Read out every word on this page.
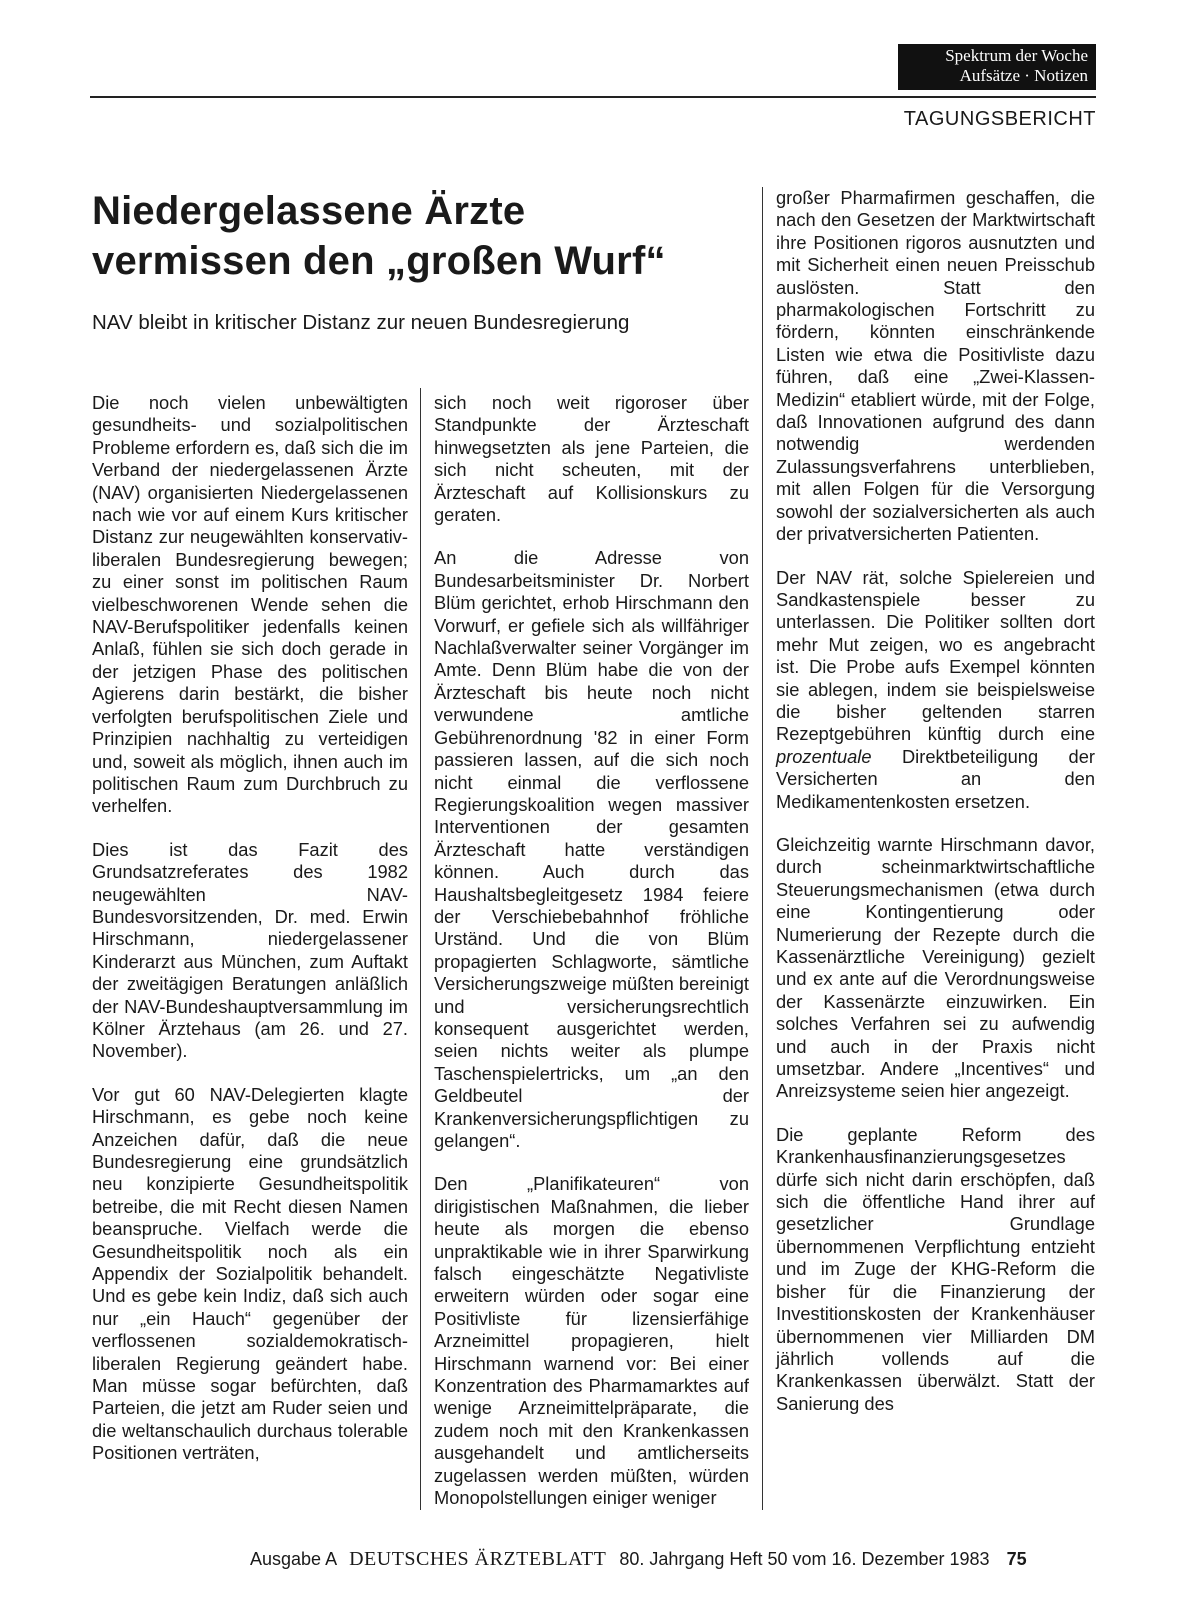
Spektrum der Woche
Aufsätze · Notizen
TAGUNGSBERICHT
Niedergelassene Ärzte
vermissen den „großen Wurf“
NAV bleibt in kritischer Distanz zur neuen Bundesregierung

Die noch vielen unbewältigten gesundheits- und sozialpolitischen Probleme erfordern es, daß sich die im Verband der niedergelassenen Ärzte (NAV) organisierten Niedergelassenen nach wie vor auf einem Kurs kritischer Distanz zur neugewählten konservativ-liberalen Bundesregierung bewegen; zu einer sonst im politischen Raum vielbeschworenen Wende sehen die NAV-Berufspolitiker jedenfalls keinen Anlaß, fühlen sie sich doch gerade in der jetzigen Phase des politischen Agierens darin bestärkt, die bisher verfolgten berufspolitischen Ziele und Prinzipien nachhaltig zu verteidigen und, soweit als möglich, ihnen auch im politischen Raum zum Durchbruch zu verhelfen.

Dies ist das Fazit des Grundsatzreferates des 1982 neugewählten NAV-Bundesvorsitzenden, Dr. med. Erwin Hirschmann, niedergelassener Kinderarzt aus München, zum Auftakt der zweitägigen Beratungen anläßlich der NAV-Bundeshauptversammlung im Kölner Ärztehaus (am 26. und 27. November).

Vor gut 60 NAV-Delegierten klagte Hirschmann, es gebe noch keine Anzeichen dafür, daß die neue Bundesregierung eine grundsätzlich neu konzipierte Gesundheitspolitik betreibe, die mit Recht diesen Namen beanspruche. Vielfach werde die Gesundheitspolitik noch als ein Appendix der Sozialpolitik behandelt. Und es gebe kein Indiz, daß sich auch nur „ein Hauch“ gegenüber der verflossenen sozialdemokratisch-liberalen Regierung geändert habe. Man müsse sogar befürchten, daß Parteien, die jetzt am Ruder seien und die weltanschaulich durchaus tolerable Positionen verträten,

sich noch weit rigoroser über Standpunkte der Ärzteschaft hinwegsetzten als jene Parteien, die sich nicht scheuten, mit der Ärzteschaft auf Kollisionskurs zu geraten.

An die Adresse von Bundesarbeitsminister Dr. Norbert Blüm gerichtet, erhob Hirschmann den Vorwurf, er gefiele sich als willfähriger Nachlaßverwalter seiner Vorgänger im Amte. Denn Blüm habe die von der Ärzteschaft bis heute noch nicht verwundene amtliche Gebührenordnung '82 in einer Form passieren lassen, auf die sich noch nicht einmal die verflossene Regierungskoalition wegen massiver Interventionen der gesamten Ärzteschaft hatte verständigen können. Auch durch das Haushaltsbegleitgesetz 1984 feiere der Verschiebebahnhof fröhliche Urständ. Und die von Blüm propagierten Schlagworte, sämtliche Versicherungszweige müßten bereinigt und versicherungsrechtlich konsequent ausgerichtet werden, seien nichts weiter als plumpe Taschenspielertricks, um „an den Geldbeutel der Krankenversicherungspflichtigen zu gelangen“.

Den „Planifikateuren“ von dirigistischen Maßnahmen, die lieber heute als morgen die ebenso unpraktikable wie in ihrer Sparwirkung falsch eingeschätzte Negativliste erweitern würden oder sogar eine Positivliste für lizensierfähige Arzneimittel propagieren, hielt Hirschmann warnend vor: Bei einer Konzentration des Pharmamarktes auf wenige Arzneimittelpräparate, die zudem noch mit den Krankenkassen ausgehandelt und amtlicherseits zugelassen werden müßten, würden Monopolstellungen einiger weniger

großer Pharmafirmen geschaffen, die nach den Gesetzen der Marktwirtschaft ihre Positionen rigoros ausnutzten und mit Sicherheit einen neuen Preisschub auslösten. Statt den pharmakologischen Fortschritt zu fördern, könnten einschränkende Listen wie etwa die Positivliste dazu führen, daß eine „Zwei-Klassen-Medizin“ etabliert würde, mit der Folge, daß Innovationen aufgrund des dann notwendig werdenden Zulassungsverfahrens unterblieben, mit allen Folgen für die Versorgung sowohl der sozialversicherten als auch der privatversicherten Patienten.

Der NAV rät, solche Spielereien und Sandkastenspiele besser zu unterlassen. Die Politiker sollten dort mehr Mut zeigen, wo es angebracht ist. Die Probe aufs Exempel könnten sie ablegen, indem sie beispielsweise die bisher geltenden starren Rezeptgebühren künftig durch eine prozentuale Direktbeteiligung der Versicherten an den Medikamentenkosten ersetzen.

Gleichzeitig warnte Hirschmann davor, durch scheinmarktwirtschaftliche Steuerungsmechanismen (etwa durch eine Kontingentierung oder Numerierung der Rezepte durch die Kassenärztliche Vereinigung) gezielt und ex ante auf die Verordnungsweise der Kassenärzte einzuwirken. Ein solches Verfahren sei zu aufwendig und auch in der Praxis nicht umsetzbar. Andere „Incentives“ und Anreizsysteme seien hier angezeigt.

Die geplante Reform des Krankenhausfinanzierungsgesetzes dürfe sich nicht darin erschöpfen, daß sich die öffentliche Hand ihrer auf gesetzlicher Grundlage übernommenen Verpflichtung entzieht und im Zuge der KHG-Reform die bisher für die Finanzierung der Investitionskosten der Krankenhäuser übernommenen vier Milliarden DM jährlich vollends auf die Krankenkassen überwälzt. Statt der Sanierung des

Ausgabe A DEUTSCHES ÄRZTEBLATT 80. Jahrgang Heft 50 vom 16. Dezember 1983 75
